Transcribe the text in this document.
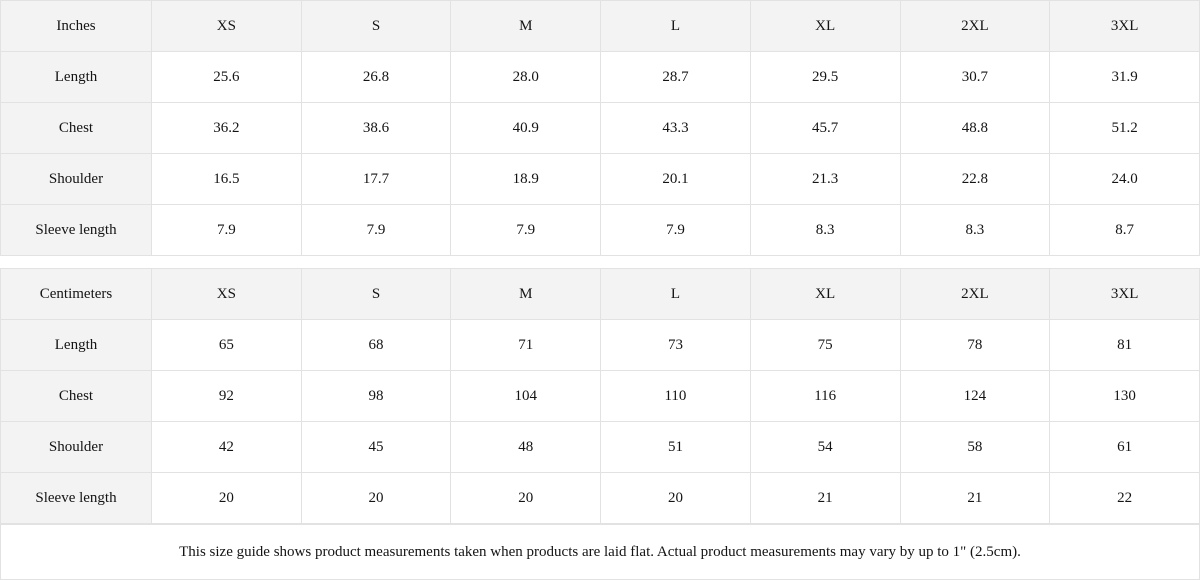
Inches	XS	S	M	L	XL	2XL	3XL
Length	25.6	26.8	28.0	28.7	29.5	30.7	31.9
Chest	36.2	38.6	40.9	43.3	45.7	48.8	51.2
Shoulder	16.5	17.7	18.9	20.1	21.3	22.8	24.0
Sleeve length	7.9	7.9	7.9	7.9	8.3	8.3	8.7
Centimeters	XS	S	M	L	XL	2XL	3XL
Length	65	68	71	73	75	78	81
Chest	92	98	104	110	116	124	130
Shoulder	42	45	48	51	54	58	61
Sleeve length	20	20	20	20	21	21	22
This size guide shows product measurements taken when products are laid flat. Actual product measurements may vary by up to 1" (2.5cm).
